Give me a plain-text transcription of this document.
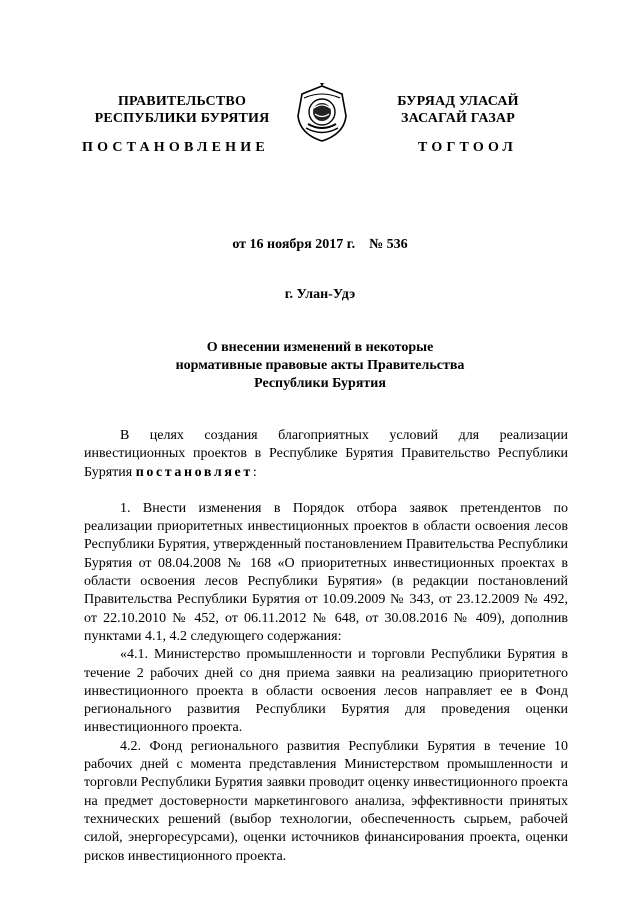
ПРАВИТЕЛЬСТВО
РЕСПУБЛИКИ БУРЯТИЯ
ПОСТАНОВЛЕНИЕ
БУРЯАД УЛАСАЙ
ЗАСАГАЙ ГАЗАР
ТОГТООЛ
от 16 ноября 2017 г.    № 536
г. Улан-Удэ
О внесении изменений в некоторые
нормативные правовые акты Правительства
Республики Бурятия

В целях создания благоприятных условий для реализации инвестиционных проектов в Республике Бурятия Правительство Республики Бурятия постановляет:

1. Внести изменения в Порядок отбора заявок претендентов по реализации приоритетных инвестиционных проектов в области освоения лесов Республики Бурятия, утвержденный постановлением Правительства Республики Бурятия от 08.04.2008 № 168 «О приоритетных инвестиционных проектах в области освоения лесов Республики Бурятия» (в редакции постановлений Правительства Республики Бурятия от 10.09.2009 № 343, от 23.12.2009 № 492, от 22.10.2010 № 452, от 06.11.2012 № 648, от 30.08.2016 № 409), дополнив пунктами 4.1, 4.2 следующего содержания:

«4.1. Министерство промышленности и торговли Республики Бурятия в течение 2 рабочих дней со дня приема заявки на реализацию приоритетного инвестиционного проекта в области освоения лесов направляет ее в Фонд регионального развития Республики Бурятия для проведения оценки инвестиционного проекта.

4.2. Фонд регионального развития Республики Бурятия в течение 10 рабочих дней с момента представления Министерством промышленности и торговли Республики Бурятия заявки проводит оценку инвестиционного проекта на предмет достоверности маркетингового анализа, эффективности принятых технических решений (выбор технологии, обеспеченность сырьем, рабочей силой, энергоресурсами), оценки источников финансирования проекта, оценки рисков инвестиционного проекта.
